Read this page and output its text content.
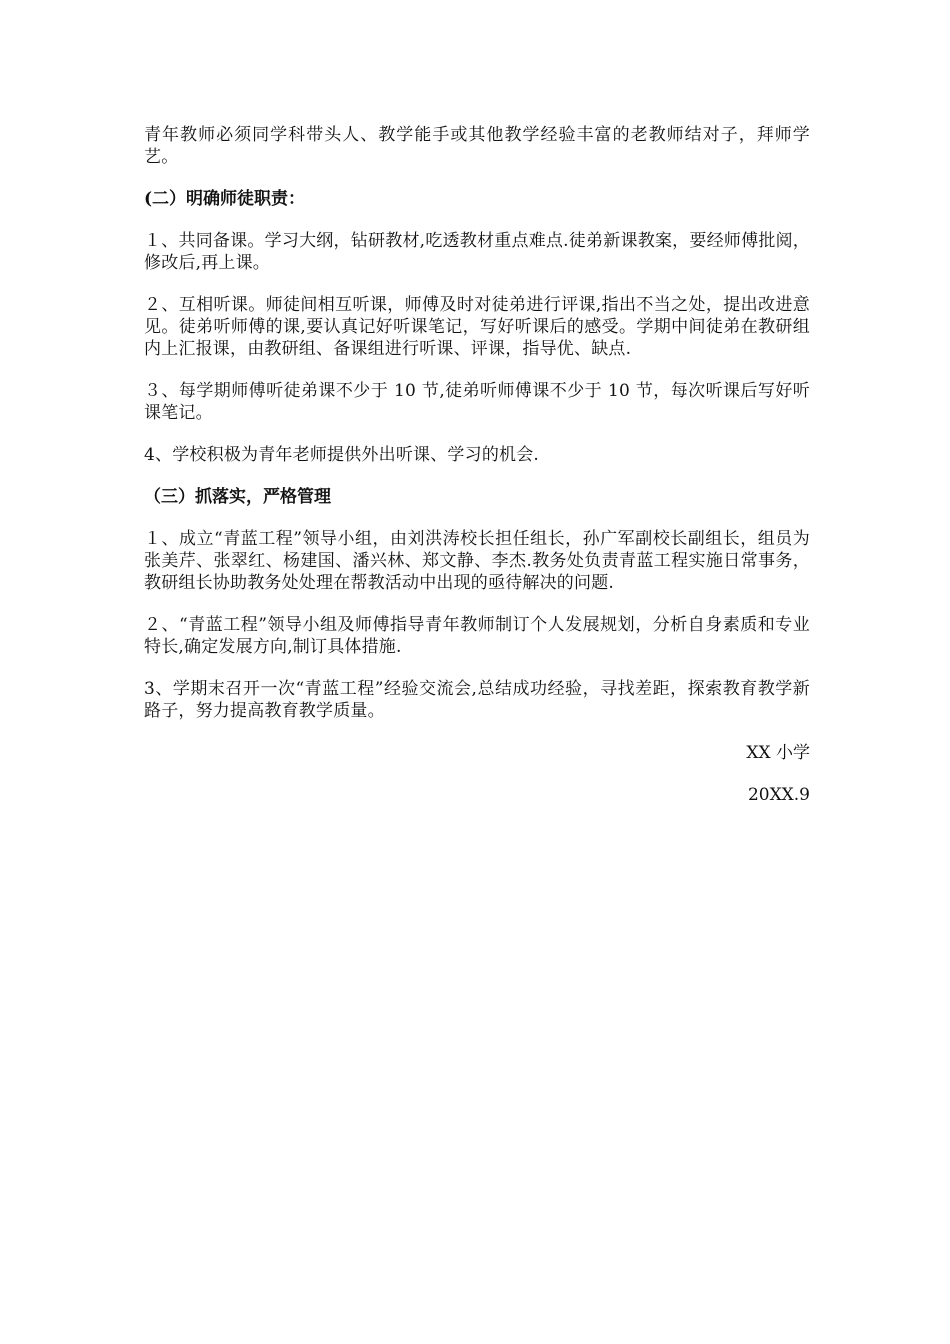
青年教师必须同学科带头人、教学能手或其他教学经验丰富的老教师结对子，拜师学艺。

(二）明确师徒职责：

１、共同备课。学习大纲，钻研教材,吃透教材重点难点.徒弟新课教案，要经师傅批阅，修改后,再上课。

２、互相听课。师徒间相互听课，师傅及时对徒弟进行评课,指出不当之处，提出改进意见。徒弟听师傅的课,要认真记好听课笔记，写好听课后的感受。学期中间徒弟在教研组内上汇报课，由教研组、备课组进行听课、评课，指导优、缺点.

３、每学期师傅听徒弟课不少于 10 节,徒弟听师傅课不少于 10 节，每次听课后写好听课笔记。

4、学校积极为青年老师提供外出听课、学习的机会.

（三）抓落实，严格管理

１、成立“青蓝工程”领导小组，由刘洪涛校长担任组长，孙广军副校长副组长，组员为张美芹、张翠红、杨建国、潘兴林、郑文静、李杰.教务处负责青蓝工程实施日常事务，教研组长协助教务处处理在帮教活动中出现的亟待解决的问题.

２、“青蓝工程”领导小组及师傅指导青年教师制订个人发展规划，分析自身素质和专业特长,确定发展方向,制订具体措施.

3、学期末召开一次“青蓝工程”经验交流会,总结成功经验，寻找差距，探索教育教学新路子，努力提高教育教学质量。

XX 小学

20XX.9
